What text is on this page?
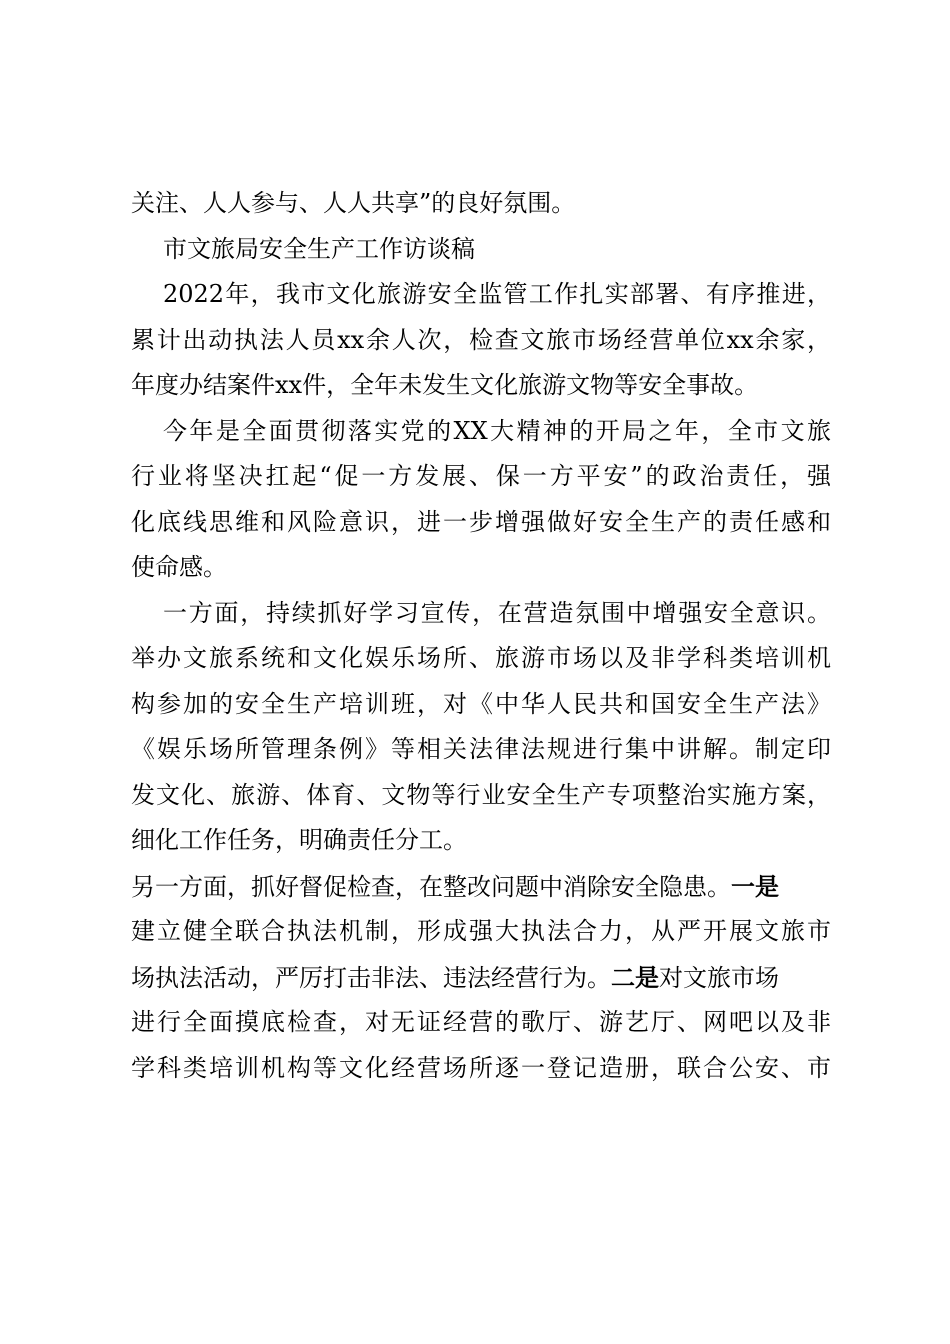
关注、人人参与、人人共享”的良好氛围。
市文旅局安全生产工作访谈稿
2022年，我市文化旅游安全监管工作扎实部署、有序推进，
累计出动执法人员xx余人次，检查文旅市场经营单位xx余家，
年度办结案件xx件，全年未发生文化旅游文物等安全事故。
今年是全面贯彻落实党的XX大精神的开局之年，全市文旅
行业将坚决扛起“促一方发展、保一方平安”的政治责任，强
化底线思维和风险意识，进一步增强做好安全生产的责任感和
使命感。
一方面，持续抓好学习宣传，在营造氛围中增强安全意识。
举办文旅系统和文化娱乐场所、旅游市场以及非学科类培训机
构参加的安全生产培训班，对《中华人民共和国安全生产法》
《娱乐场所管理条例》等相关法律法规进行集中讲解。制定印
发文化、旅游、体育、文物等行业安全生产专项整治实施方案，
细化工作任务，明确责任分工。
另一方面，抓好督促检查，在整改问题中消除安全隐患。一是
建立健全联合执法机制，形成强大执法合力，从严开展文旅市
场执法活动，严厉打击非法、违法经营行为。二是对文旅市场
进行全面摸底检查，对无证经营的歌厅、游艺厅、网吧以及非
学科类培训机构等文化经营场所逐一登记造册，联合公安、市
